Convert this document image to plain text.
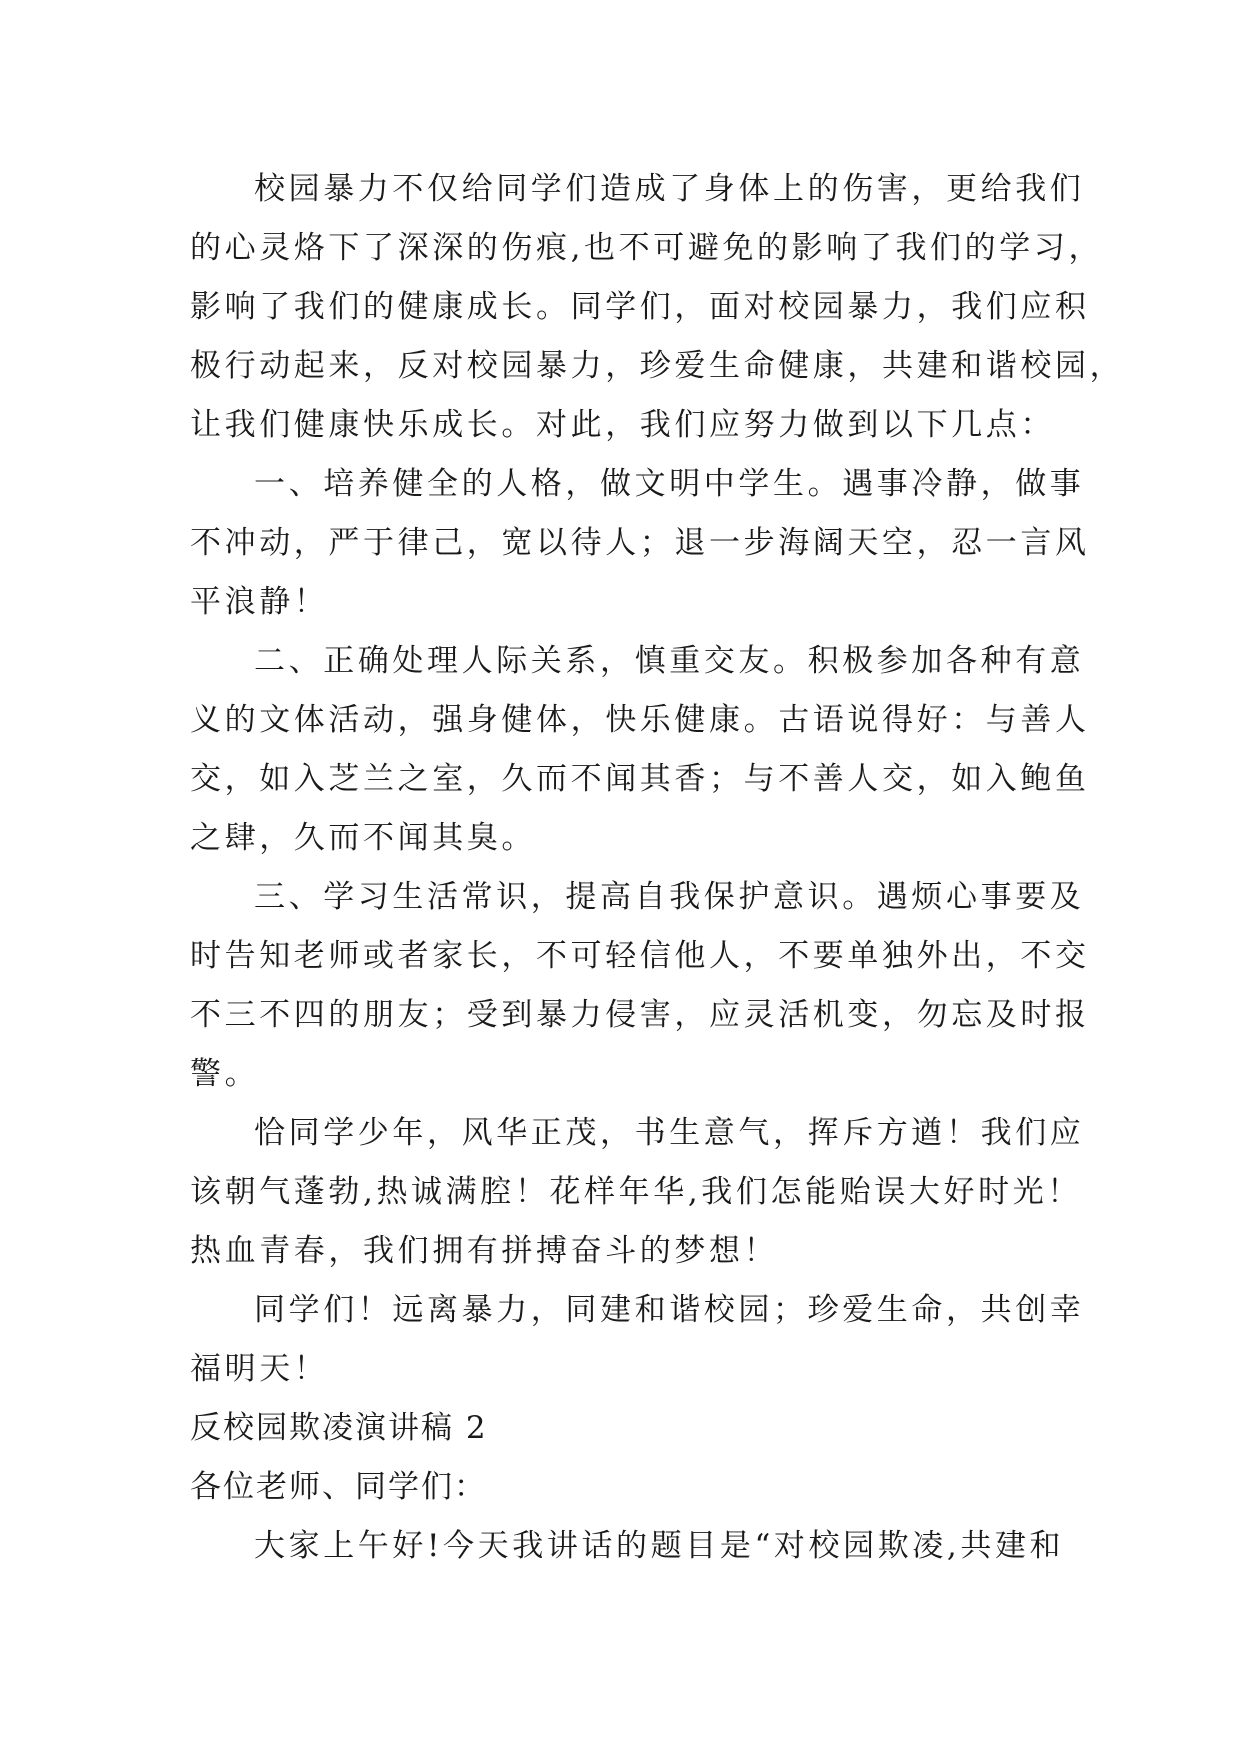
校园暴力不仅给同学们造成了身体上的伤害，更给我们
的心灵烙下了深深的伤痕,也不可避免的影响了我们的学习，
影响了我们的健康成长。同学们，面对校园暴力，我们应积
极行动起来，反对校园暴力，珍爱生命健康，共建和谐校园，
让我们健康快乐成长。对此，我们应努力做到以下几点：
一、培养健全的人格，做文明中学生。遇事冷静，做事
不冲动，严于律己，宽以待人；退一步海阔天空，忍一言风
平浪静！
二、正确处理人际关系，慎重交友。积极参加各种有意
义的文体活动，强身健体，快乐健康。古语说得好：与善人
交，如入芝兰之室，久而不闻其香；与不善人交，如入鲍鱼
之肆，久而不闻其臭。
三、学习生活常识，提高自我保护意识。遇烦心事要及
时告知老师或者家长，不可轻信他人，不要单独外出，不交
不三不四的朋友；受到暴力侵害，应灵活机变，勿忘及时报
警。
恰同学少年，风华正茂，书生意气，挥斥方遒！我们应
该朝气蓬勃,热诚满腔！花样年华,我们怎能贻误大好时光！
热血青春，我们拥有拼搏奋斗的梦想！
同学们！远离暴力，同建和谐校园；珍爱生命，共创幸
福明天！
反校园欺凌演讲稿 2
各位老师、同学们：
大家上午好!今天我讲话的题目是“对校园欺凌,共建和
